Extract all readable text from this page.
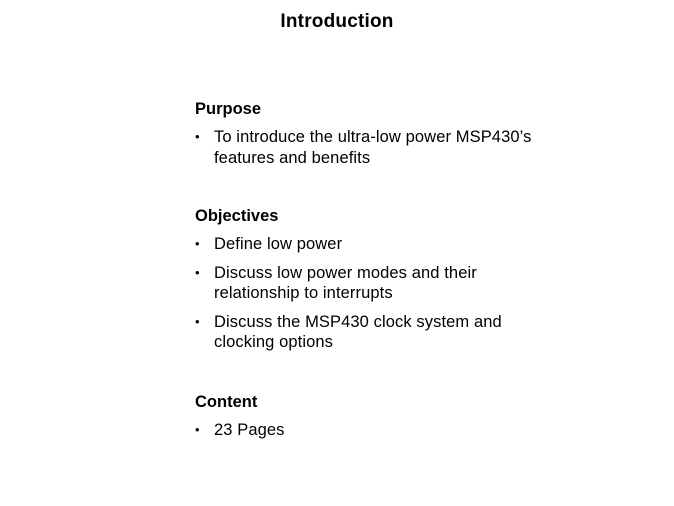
Introduction
Purpose
• To introduce the ultra-low power MSP430’s features and benefits
Objectives
• Define low power
• Discuss low power modes and their relationship to interrupts
• Discuss the MSP430 clock system and clocking options
Content
• 23 Pages
